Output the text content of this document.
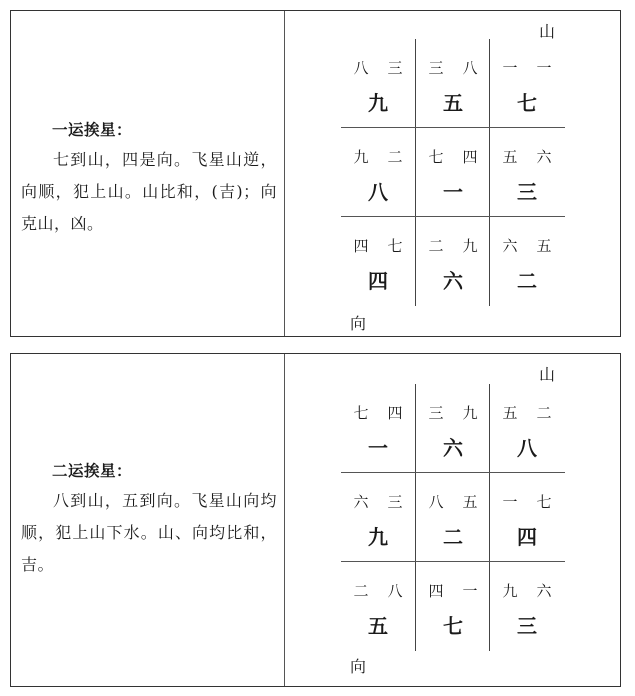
一运挨星：

七到山，四是向。飞星山逆，向顺，犯上山。山比和，(吉)；向克山，凶。

山
八 三
九
三 八
五
一 一
七
九 二
八
七 四
一
五 六
三
四 七
四
二 九
六
六 五
二
向
二运挨星：

八到山，五到向。飞星山向均顺，犯上山下水。山、向均比和，吉。

山
七 四
一
三 九
六
五 二
八
六 三
九
八 五
二
一 七
四
二 八
五
四 一
七
九 六
三
向
